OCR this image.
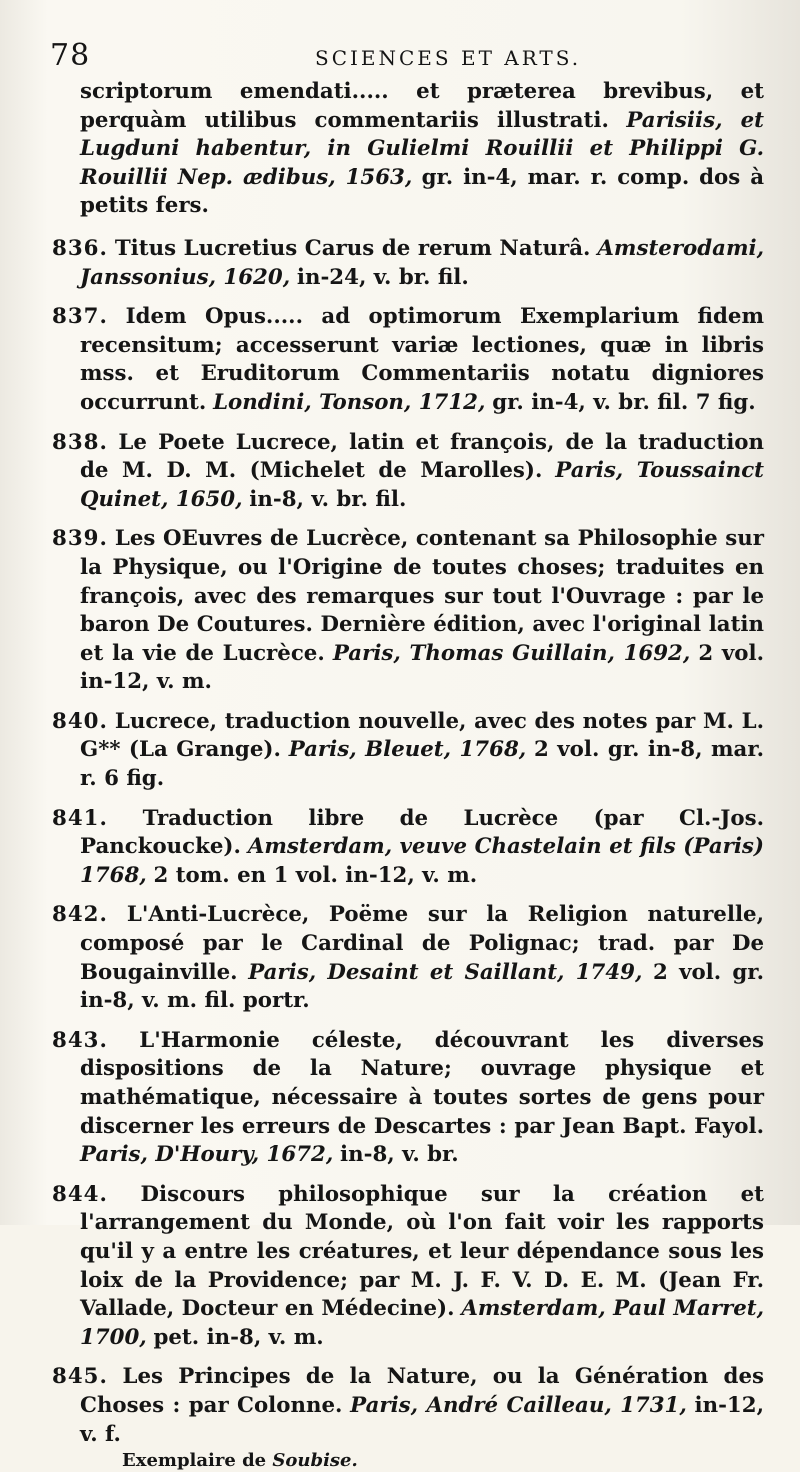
78	SCIENCES ET ARTS.

scriptorum emendati..... et præterea brevibus, et perquàm utilibus commentariis illustrati. Parisiis, et Lugduni habentur, in Gulielmi Rouillii et Philippi G. Rouillii Nep. ædibus, 1563, gr. in-4, mar. r. comp. dos à petits fers.

836. Titus Lucretius Carus de rerum Naturâ. Amsterodami, Janssonius, 1620, in-24, v. br. fil.

837. Idem Opus..... ad optimorum Exemplarium fidem recensitum; accesserunt variæ lectiones, quæ in libris mss. et Eruditorum Commentariis notatu digniores occurrunt. Londini, Tonson, 1712, gr. in-4, v. br. fil. 7 fig.

838. Le Poete Lucrece, latin et françois, de la traduction de M. D. M. (Michelet de Marolles). Paris, Toussainct Quinet, 1650, in-8, v. br. fil.

839. Les OEuvres de Lucrèce, contenant sa Philosophie sur la Physique, ou l'Origine de toutes choses; traduites en françois, avec des remarques sur tout l'Ouvrage : par le baron De Coutures. Dernière édition, avec l'original latin et la vie de Lucrèce. Paris, Thomas Guillain, 1692, 2 vol. in-12, v. m.

840. Lucrece, traduction nouvelle, avec des notes par M. L. G** (La Grange). Paris, Bleuet, 1768, 2 vol. gr. in-8, mar. r. 6 fig.

841. Traduction libre de Lucrèce (par Cl.-Jos. Panckoucke). Amsterdam, veuve Chastelain et fils (Paris) 1768, 2 tom. en 1 vol. in-12, v. m.

842. L'Anti-Lucrèce, Poëme sur la Religion naturelle, composé par le Cardinal de Polignac; trad. par De Bougainville. Paris, Desaint et Saillant, 1749, 2 vol. gr. in-8, v. m. fil. portr.

843. L'Harmonie céleste, découvrant les diverses dispositions de la Nature; ouvrage physique et mathématique, nécessaire à toutes sortes de gens pour discerner les erreurs de Descartes : par Jean Bapt. Fayol. Paris, D'Houry, 1672, in-8, v. br.

844. Discours philosophique sur la création et l'arrangement du Monde, où l'on fait voir les rapports qu'il y a entre les créatures, et leur dépendance sous les loix de la Providence; par M. J. F. V. D. E. M. (Jean Fr. Vallade, Docteur en Médecine). Amsterdam, Paul Marret, 1700, pet. in-8, v. m.

845. Les Principes de la Nature, ou la Génération des Choses : par Colonne. Paris, André Cailleau, 1731, in-12, v. f.

Exemplaire de Soubise.
